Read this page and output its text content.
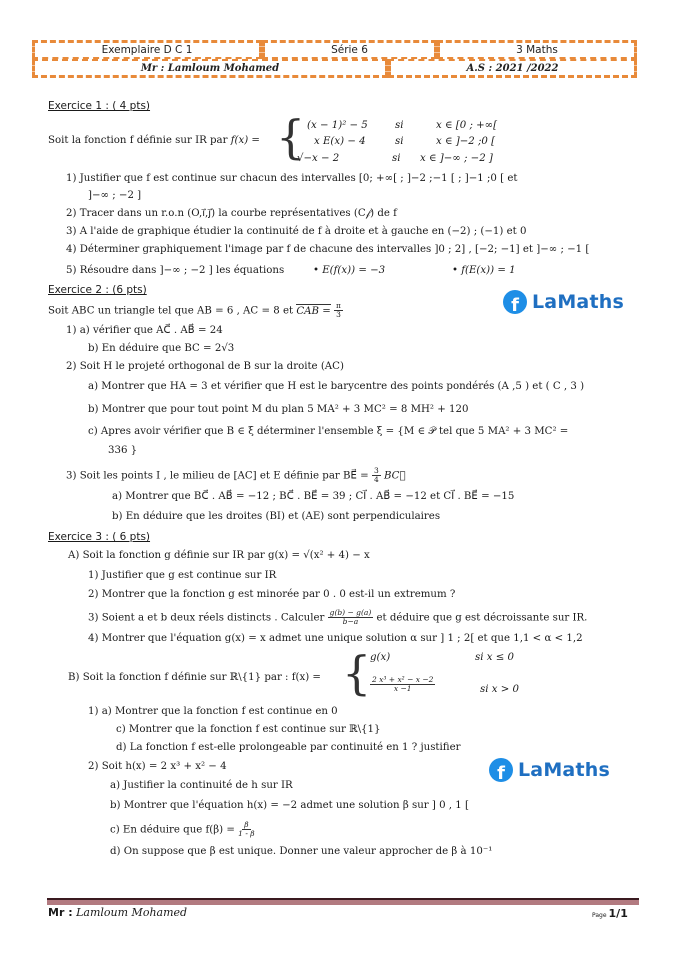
Exemplaire D C 1	Série 6	3 Maths
Mr : Lamloum Mohamed	A.S : 2021 /2022
Exercice 1 : ( 4 pts)
Soit la fonction f définie sur IR par f(x) = { (x − 1)² − 5	si	x ∈ [0 ; +∞[
x E(x) − 4	si	x ∈ ]−2 ;0 [
√−x − 2	si x ∈ ]−∞ ; −2 ]
1) Justifier que f est continue sur chacun des intervalles [0; +∞[ ; ]−2 ;−1 [ ; ]−1 ;0 [ et
]−∞ ; −2 ]
2) Tracer dans un r.o.n (O,i⃗,j⃗) la courbe représentatives (C𝒻) de f
3) A l'aide de graphique étudier la continuité de f à droite et à gauche en (−2) ; (−1) et 0
4) Déterminer graphiquement l'image par f de chacune des intervalles ]0 ; 2] , [−2; −1] et ]−∞ ; −1 [
5) Résoudre dans ]−∞ ; −2 ] les équations	• E(f(x)) = −3	• f(E(x)) = 1
Exercice 2 : (6 pts)
Soit ABC un triangle tel que AB = 6 , AC = 8 et CAB = $\frac{\pi}{3}$	f LaMaths
1) a) vérifier que AC⃗ . AB⃗ = 24
b) En déduire que BC = 2√3
2) Soit H le projeté orthogonal de B sur la droite (AC)
a) Montrer que HA = 3 et vérifier que H est le barycentre des points pondérés (A ,5 ) et ( C , 3 )
b) Montrer que pour tout point M du plan 5 MA² + 3 MC² = 8 MH² + 120
c) Apres avoir vérifier que B ∈ ξ déterminer l'ensemble ξ = {M ∈ 𝒫 tel que 5 MA² + 3 MC² =
336 }
3) Soit les points I , le milieu de [AC] et E définie par BE⃗ = $\frac{3}{4}$ BC⃗
a) Montrer que BC⃗ . AB⃗ = −12 ; BC⃗ . BE⃗ = 39 ; CI⃗ . AB⃗ = −12 et CI⃗ . BE⃗ = −15
b) En déduire que les droites (BI) et (AE) sont perpendiculaires
Exercice 3 : ( 6 pts)
A) Soit la fonction g définie sur IR par g(x) = √(x² + 4) − x
1) Justifier que g est continue sur IR
2) Montrer que la fonction g est minorée par 0 . 0 est-il un extremum ?
3) Soient a et b deux réels distincts . Calculer $\frac{g(b) - g(a)}{b-a}$ et déduire que g est décroissante sur IR.
4) Montrer que l'équation g(x) = x admet une unique solution α sur ] 1 ; 2[ et que 1,1 < α < 1,2
B) Soit la fonction f définie sur ℝ\{1} par : f(x) = {
g(x)	si x ≤ 0
$\frac{\text{2 x³ + x² − x −2}}{x -1}$	si x > 0
1) a) Montrer que la fonction f est continue en 0
c) Montrer que la fonction f est continue sur ℝ\{1}
d) La fonction f est-elle prolongeable par continuité en 1 ? justifier
2) Soit h(x) = 2 x³ + x² − 4	f LaMaths
a) Justifier la continuité de h sur IR
b) Montrer que l'équation h(x) = −2 admet une solution β sur ] 0 , 1 [
c) En déduire que $f(\beta) = \frac{\beta}{1 - \beta}$
d) On suppose que β est unique. Donner une valeur approcher de β à 10⁻¹
Mr : Lamloum Mohamed	Page 1/1
